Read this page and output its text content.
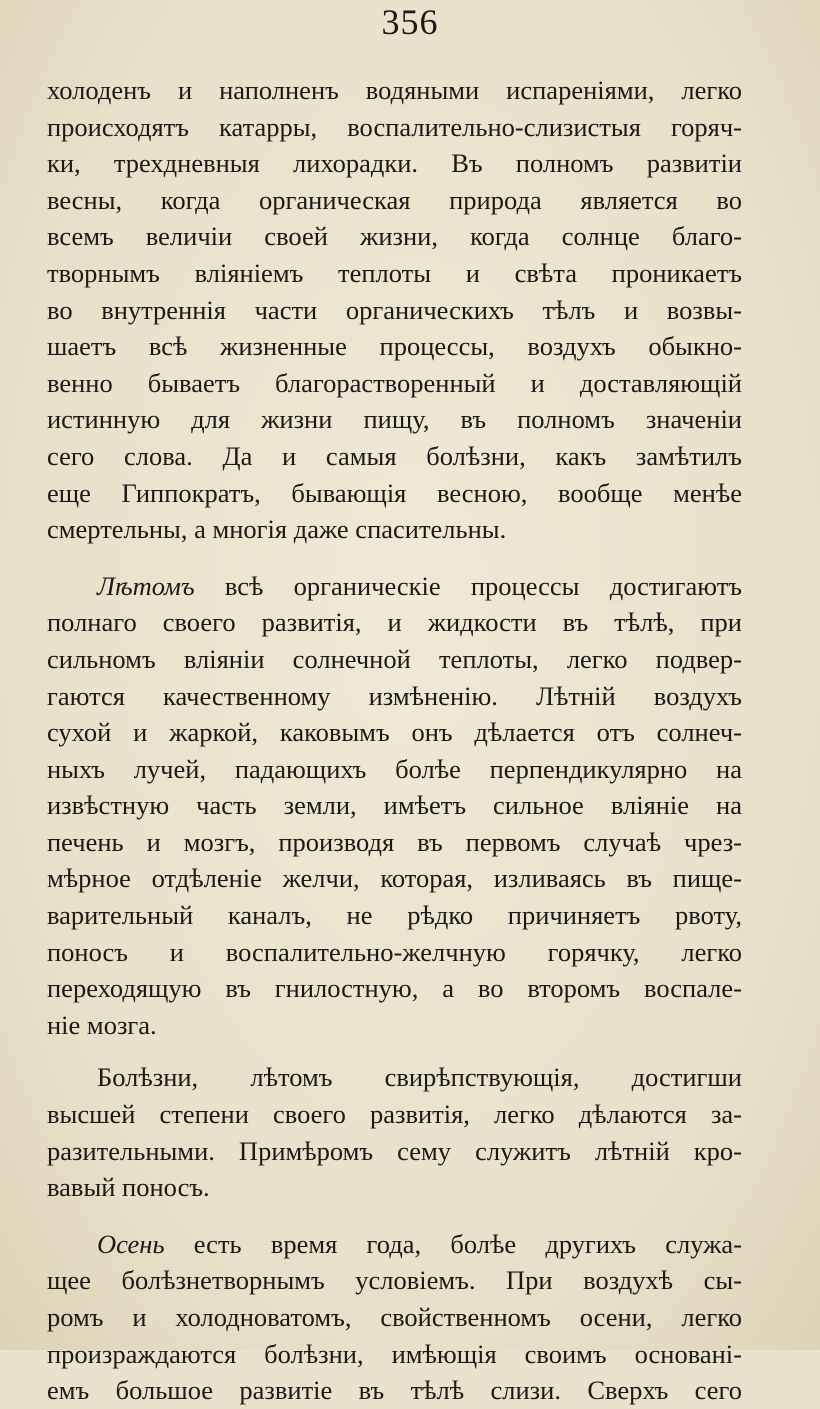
356
холоденъ и наполненъ водяными испареніями, легко
происходятъ катарры, воспалительно-слизистыя горяч-
ки, трехдневныя лихорадки. Въ полномъ развитіи
весны, когда органическая природа является во
всемъ величіи своей жизни, когда солнце благо-
творнымъ вліяніемъ теплоты и свѣта проникаетъ
во внутреннія части органическихъ тѣлъ и возвы-
шаетъ всѣ жизненные процессы, воздухъ обыкно-
венно бываетъ благорастворенный и доставляющій
истинную для жизни пищу, въ полномъ значеніи
сего слова. Да и самыя болѣзни, какъ замѣтилъ
еще Гиппократъ, бывающія весною, вообще менѣе
смертельны, а многія даже спасительны.
Лѣтомъ всѣ органическіе процессы достигаютъ
полнаго своего развитія, и жидкости въ тѣлѣ, при
сильномъ вліяніи солнечной теплоты, легко подвер-
гаются качественному измѣненію. Лѣтній воздухъ
сухой и жаркой, каковымъ онъ дѣлается отъ солнеч-
ныхъ лучей, падающихъ болѣе перпендикулярно на
извѣстную часть земли, имѣетъ сильное вліяніе на
печень и мозгъ, производя въ первомъ случаѣ чрез-
мѣрное отдѣленіе желчи, которая, изливаясь въ пище-
варительный каналъ, не рѣдко причиняетъ рвоту,
поносъ и воспалительно-желчную горячку, легко
переходящую въ гнилостную, а во второмъ воспале-
ніе мозга.
Болѣзни, лѣтомъ свирѣпствующія, достигши
высшей степени своего развитія, легко дѣлаются за-
разительными. Примѣромъ сему служитъ лѣтній кро-
вавый поносъ.
Осень есть время года, болѣе другихъ служа-
щее болѣзнетворнымъ условіемъ. При воздухѣ сы-
ромъ и холодноватомъ, свойственномъ осени, легко
произраждаются болѣзни, имѣющія своимъ основані-
емъ большое развитіе въ тѣлѣ слизи. Сверхъ сего
